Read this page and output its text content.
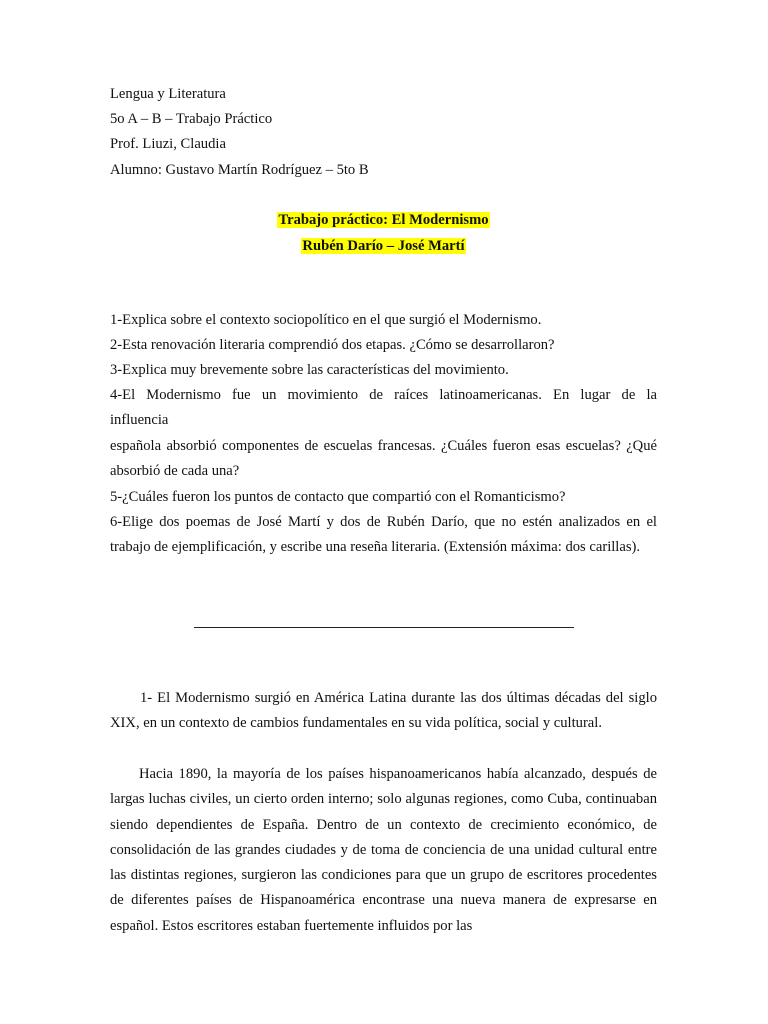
Lengua y Literatura
5o A – B – Trabajo Práctico
Prof. Liuzi, Claudia
Alumno: Gustavo Martín Rodríguez – 5to B
Trabajo práctico: El Modernismo
Rubén Darío – José Martí
1-Explica sobre el contexto sociopolítico en el que surgió el Modernismo.
2-Esta renovación literaria comprendió dos etapas. ¿Cómo se desarrollaron?
3-Explica muy brevemente sobre las características del movimiento.
4-El Modernismo fue un movimiento de raíces latinoamericanas. En lugar de la
influencia
española absorbió componentes de escuelas francesas. ¿Cuáles fueron esas escuelas? ¿Qué absorbió de cada una?
5-¿Cuáles fueron los puntos de contacto que compartió con el Romanticismo?
6-Elige dos poemas de José Martí y dos de Rubén Darío, que no estén analizados en el trabajo de ejemplificación, y escribe una reseña literaria. (Extensión máxima: dos carillas).
1- El Modernismo surgió en América Latina durante las dos últimas décadas del siglo XIX, en un contexto de cambios fundamentales en su vida política, social y cultural.
Hacia 1890, la mayoría de los países hispanoamericanos había alcanzado, después de largas luchas civiles, un cierto orden interno; solo algunas regiones, como Cuba, continuaban siendo dependientes de España. Dentro de un contexto de crecimiento económico, de consolidación de las grandes ciudades y de toma de conciencia de una unidad cultural entre las distintas regiones, surgieron las condiciones para que un grupo de escritores procedentes de diferentes países de Hispanoamérica encontrase una nueva manera de expresarse en español. Estos escritores estaban fuertemente influidos por las
